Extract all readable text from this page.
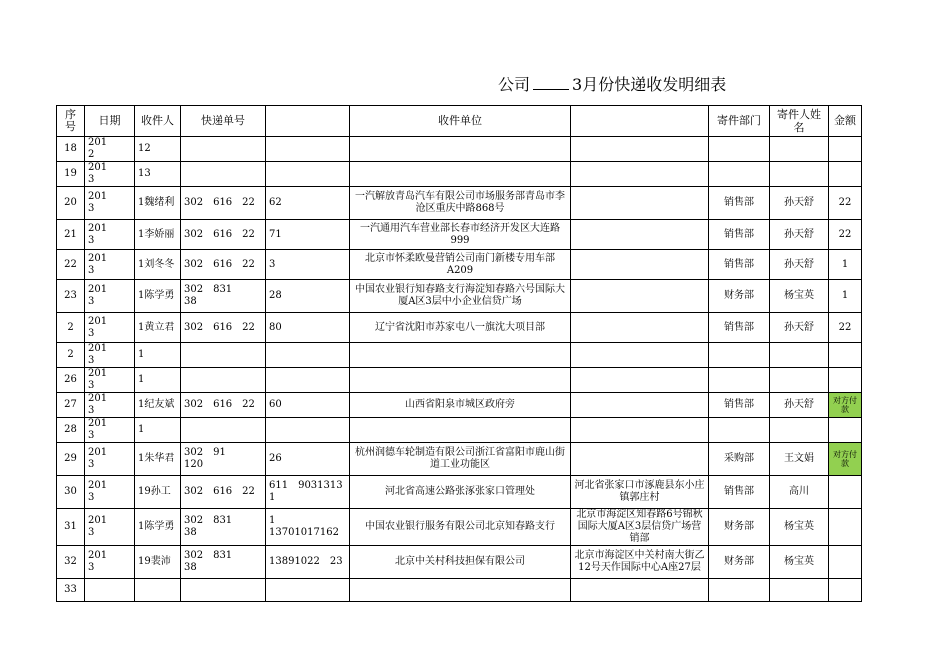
公司	3月份快递收发明细表
序号	日期	收件人	快递单号		收件单位		寄件部门	寄件人姓名	金额
18	201　　2	12							
19	201　　3	13							
20	201　　3	1魏绪利	302　616　22	62	一汽解放青岛汽车有限公司市场服务部青岛市李沧区重庆中路868号		销售部	孙天舒	22
21	201　　3	1李娇丽	302　616　22	71	一汽通用汽车营业部长春市经济开发区大连路999		销售部	孙天舒	22
22	201　　3	1刘冬冬	302　616　22	3	北京市怀柔欧曼营销公司南门新楼专用车部A209		销售部	孙天舒	1
23	201　　3	1陈学勇	302　831　　38	28	中国农业银行知春路支行海淀知春路六号国际大厦A区3层中小企业信贷广场		财务部	杨宝英	1
2	201　　3	1黄立君	302　616　22	80	辽宁省沈阳市苏家屯八一旗沈大项目部		销售部	孙天舒	22
2	201　　3	1							
26	201　　3	1							
27	201　　3	1纪友斌	302　616　22	60	山西省阳泉市城区政府旁		销售部	孙天舒	对方付款
28	201　　3	1							
29	201　　3	1朱华君	302　91　　120	26	杭州润德车轮制造有限公司浙江省富阳市鹿山街道工业功能区		采购部	王文娟	对方付款
30	201　　3	19孙工	302　616　22	611　9031313　1	河北省高速公路张涿张家口管理处	河北省张家口市涿鹿县东小庄镇郭庄村	销售部	高川	
31	201　　3	1陈学勇	302　831　　38	1 13701017162	中国农业银行服务有限公司北京知春路支行	北京市海淀区知春路6号锦秋国际大厦A区3层信贷广场营销部	财务部	杨宝英	
32	201　　3	19裴沛	302　831　　38	13891022　23	北京中关村科技担保有限公司	北京市海淀区中关村南大街乙12号天作国际中心A座27层	财务部	杨宝英	
33									
